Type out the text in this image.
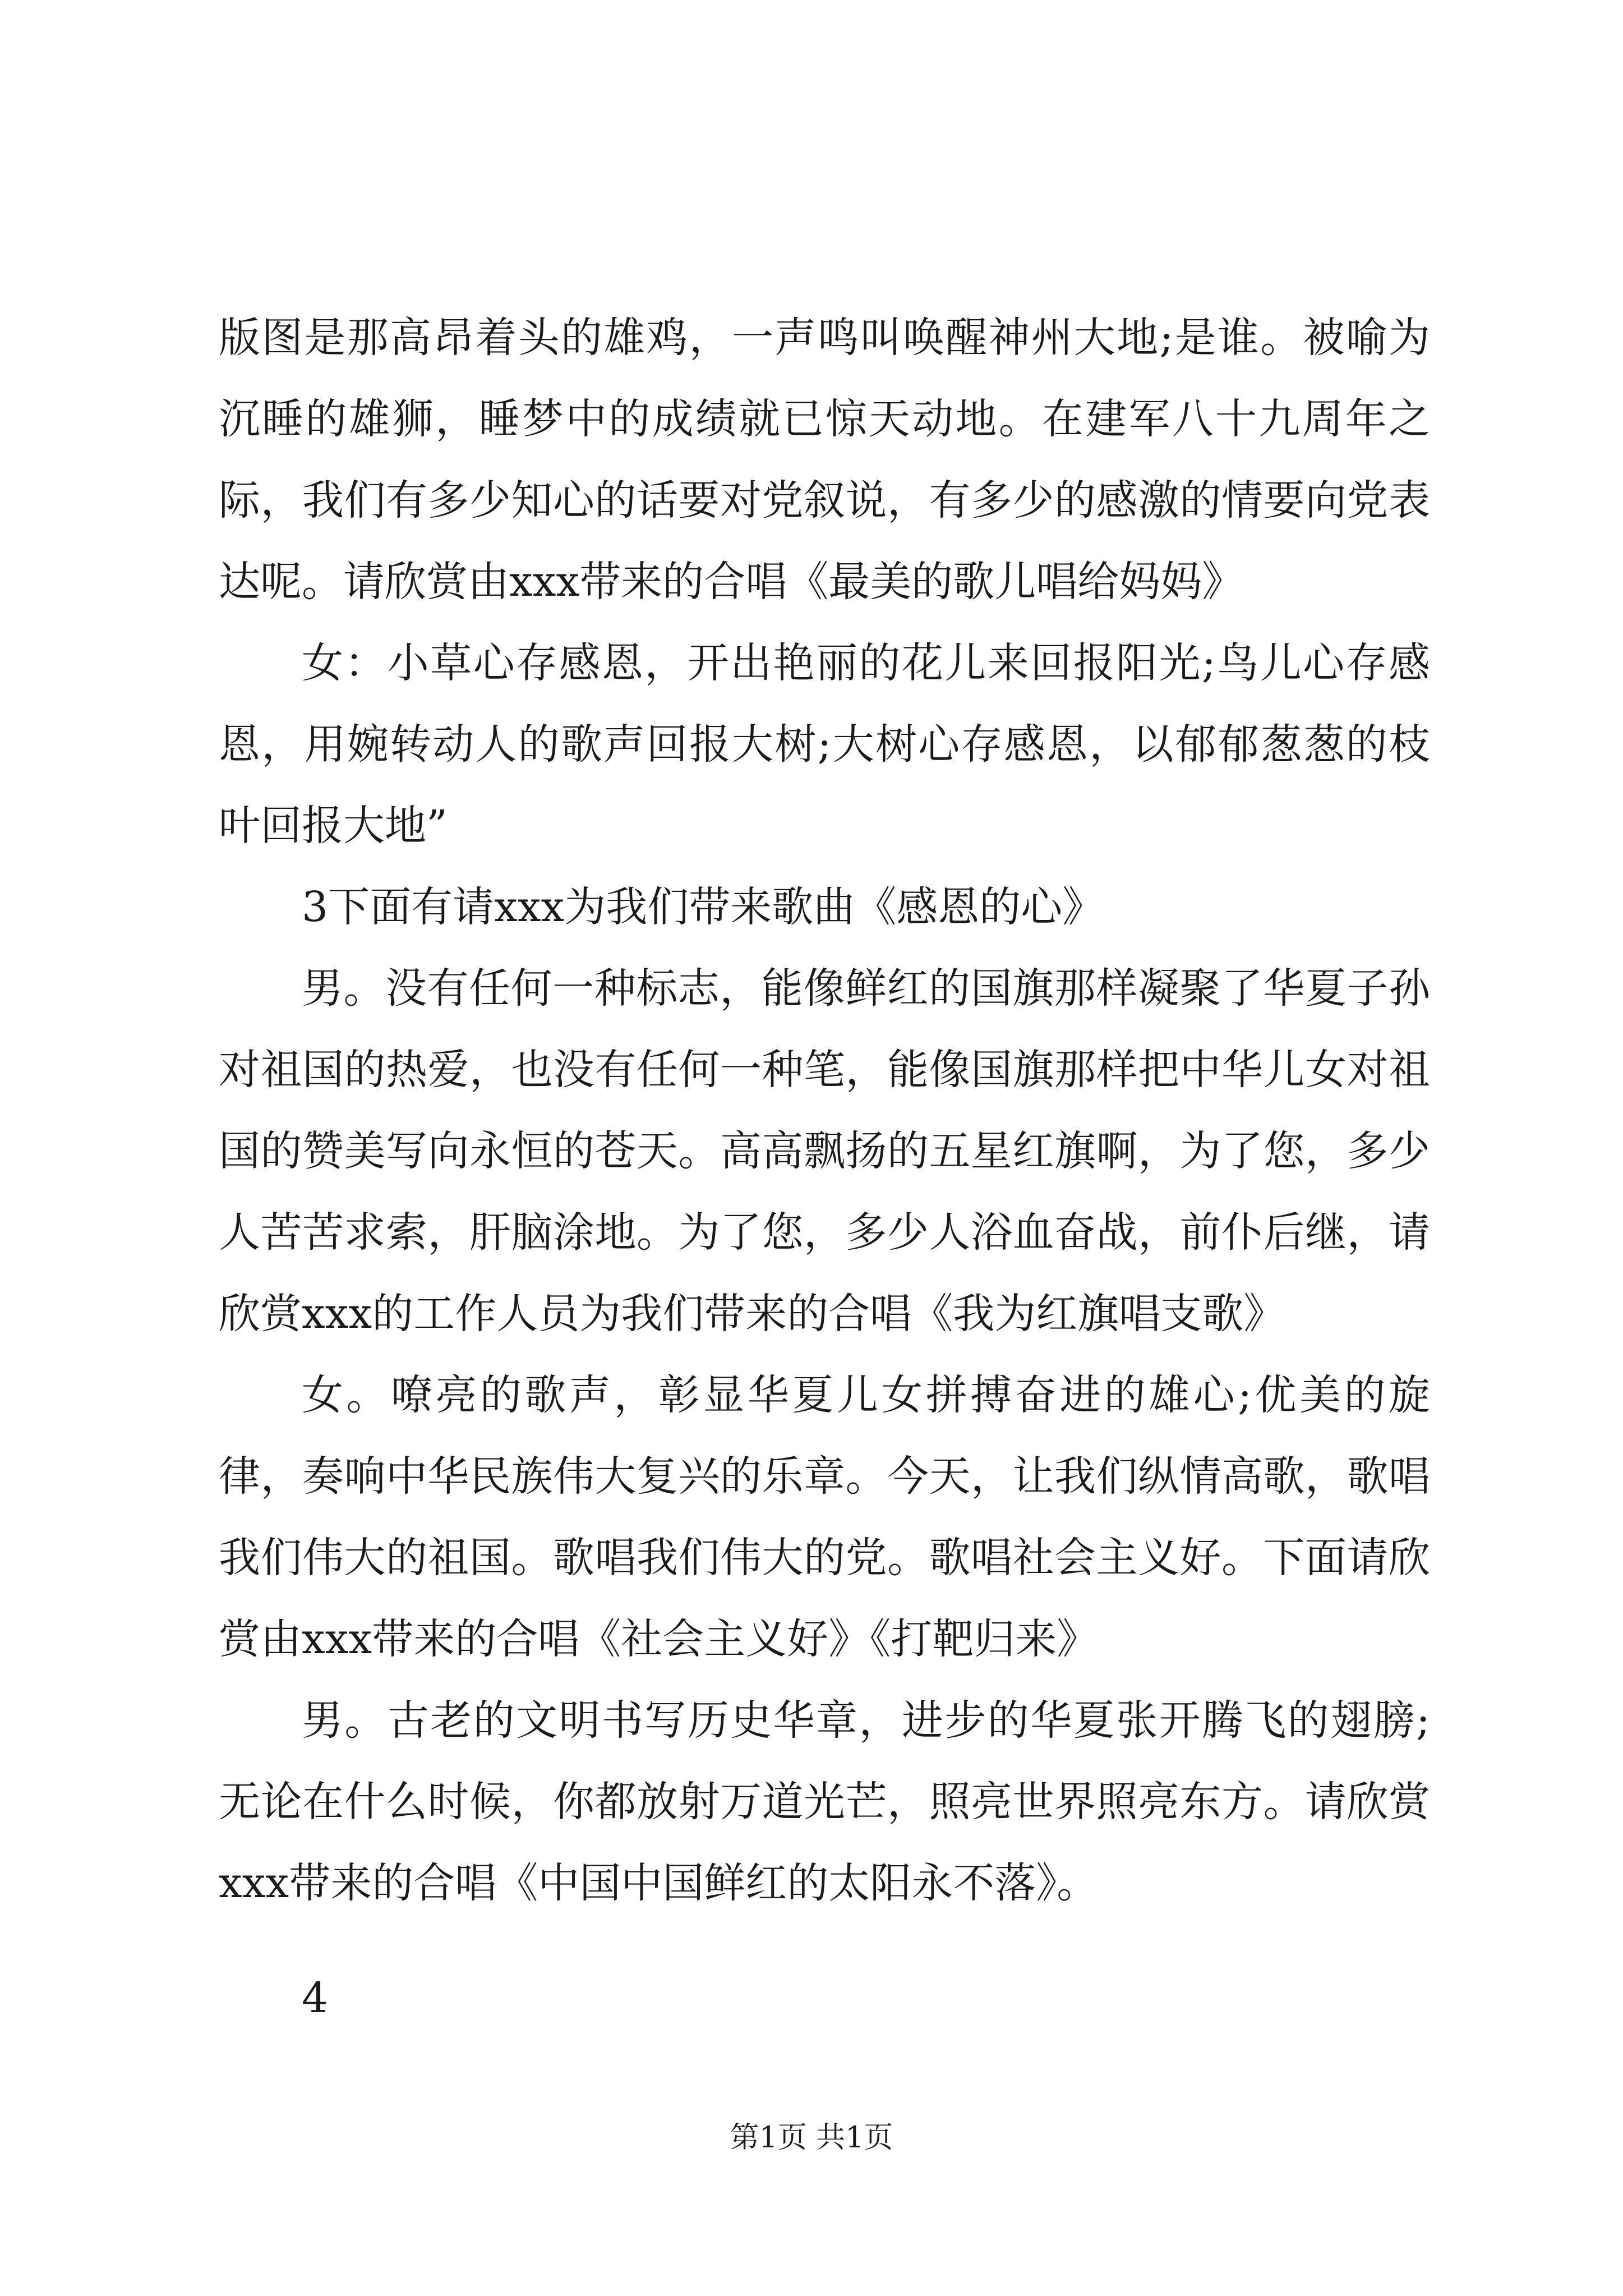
版图是那高昂着头的雄鸡，一声鸣叫唤醒神州大地;是谁。被喻为沉睡的雄狮，睡梦中的成绩就已惊天动地。在建军八十九周年之际，我们有多少知心的话要对党叙说，有多少的感激的情要向党表达呢。请欣赏由xxx带来的合唱《最美的歌儿唱给妈妈》

女：小草心存感恩，开出艳丽的花儿来回报阳光;鸟儿心存感恩，用婉转动人的歌声回报大树;大树心存感恩，以郁郁葱葱的枝叶回报大地”

3下面有请xxx为我们带来歌曲《感恩的心》

男。没有任何一种标志，能像鲜红的国旗那样凝聚了华夏子孙对祖国的热爱，也没有任何一种笔，能像国旗那样把中华儿女对祖国的赞美写向永恒的苍天。高高飘扬的五星红旗啊，为了您，多少人苦苦求索，肝脑涂地。为了您，多少人浴血奋战，前仆后继，请欣赏xxx的工作人员为我们带来的合唱《我为红旗唱支歌》

女。嘹亮的歌声，彰显华夏儿女拼搏奋进的雄心;优美的旋律，奏响中华民族伟大复兴的乐章。今天，让我们纵情高歌，歌唱我们伟大的祖国。歌唱我们伟大的党。歌唱社会主义好。下面请欣赏由xxx带来的合唱《社会主义好》《打靶归来》

男。古老的文明书写历史华章，进步的华夏张开腾飞的翅膀;无论在什么时候，你都放射万道光芒，照亮世界照亮东方。请欣赏xxx带来的合唱《中国中国鲜红的太阳永不落》。

4

第1页 共1页
